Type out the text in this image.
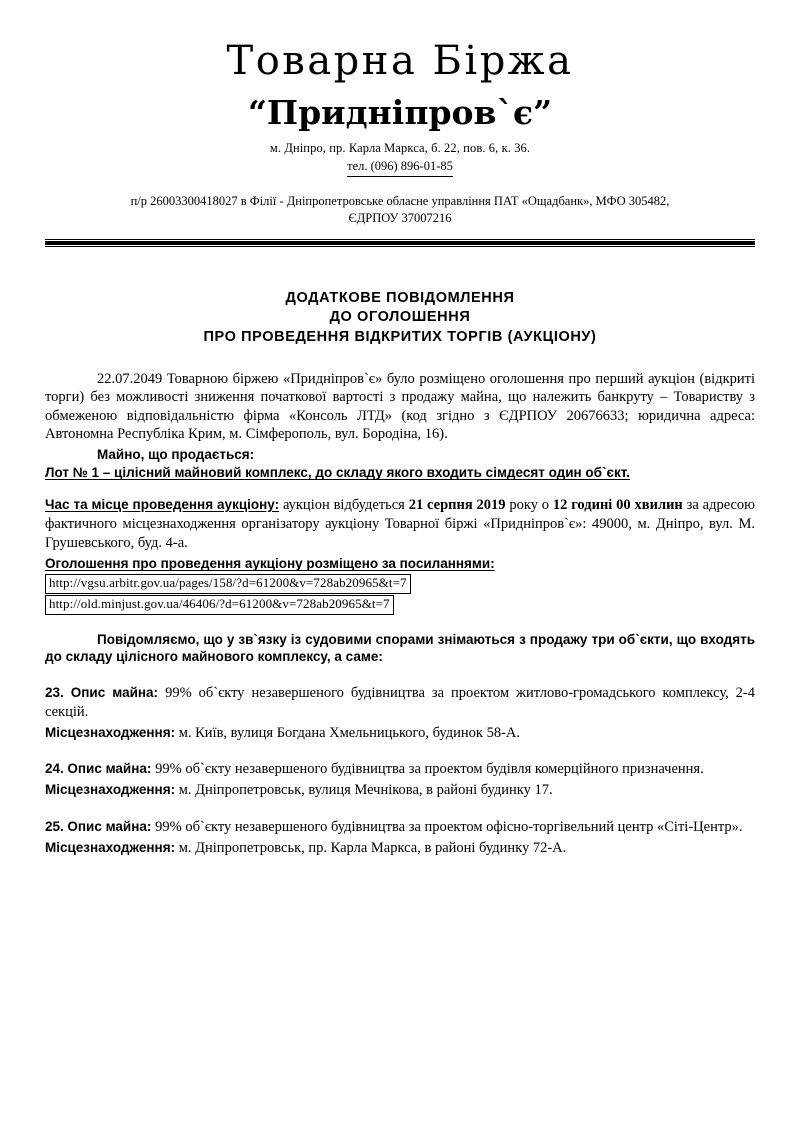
Товарна Біржа
“Придніпров`є”
м. Дніпро, пр. Карла Маркса, б. 22, пов. 6, к. 36.
тел. (096) 896-01-85
п/р 26003300418027 в Філії - Дніпропетровське обласне управління ПАТ «Ощадбанк», МФО 305482,
ЄДРПОУ 37007216
ДОДАТКОВЕ ПОВІДОМЛЕННЯ
ДО ОГОЛОШЕННЯ
ПРО ПРОВЕДЕННЯ ВІДКРИТИХ ТОРГІВ (АУКЦІОНУ)

22.07.2049 Товарною біржею «Придніпров`є» було розміщено оголошення про перший аукціон (відкриті торги) без можливості зниження початкової вартості з продажу майна, що належить банкруту – Товариству з обмеженою відповідальністю фірма «Консоль ЛТД» (код згідно з ЄДРПОУ 20676633; юридична адреса: Автономна Республіка Крим, м. Сімферополь, вул. Бородіна, 16).

Майно, що продається:
Лот № 1 – цілісний майновий комплекс, до складу якого входить сімдесят один об`єкт.

Час та місце проведення аукціону: аукціон відбудеться 21 серпня 2019 року о 12 годині 00 хвилин за адресою фактичного місцезнаходження організатору аукціону Товарної біржі «Придніпров`є»: 49000, м. Дніпро, вул. М. Грушевського, буд. 4-а.

Оголошення про проведення аукціону розміщено за посиланнями:
http://vgsu.arbitr.gov.ua/pages/158/?d=61200&v=728ab20965&t=7
http://old.minjust.gov.ua/46406/?d=61200&v=728ab20965&t=7

Повідомляємо, що у зв`язку із судовими спорами знімаються з продажу три об`єкти, що входять до складу цілісного майнового комплексу, а саме:

23. Опис майна: 99% об`єкту незавершеного будівництва за проектом житлово-громадського комплексу, 2-4 секцій.

Місцезнаходження: м. Київ, вулиця Богдана Хмельницького, будинок 58-А.

24. Опис майна: 99% об`єкту незавершеного будівництва за проектом будівля комерційного призначення.

Місцезнаходження: м. Дніпропетровськ, вулиця Мечнікова, в районі будинку 17.

25. Опис майна: 99% об`єкту незавершеного будівництва за проектом офісно-торгівельний центр «Сіті-Центр».

Місцезнаходження: м. Дніпропетровськ, пр. Карла Маркса, в районі будинку 72-А.
